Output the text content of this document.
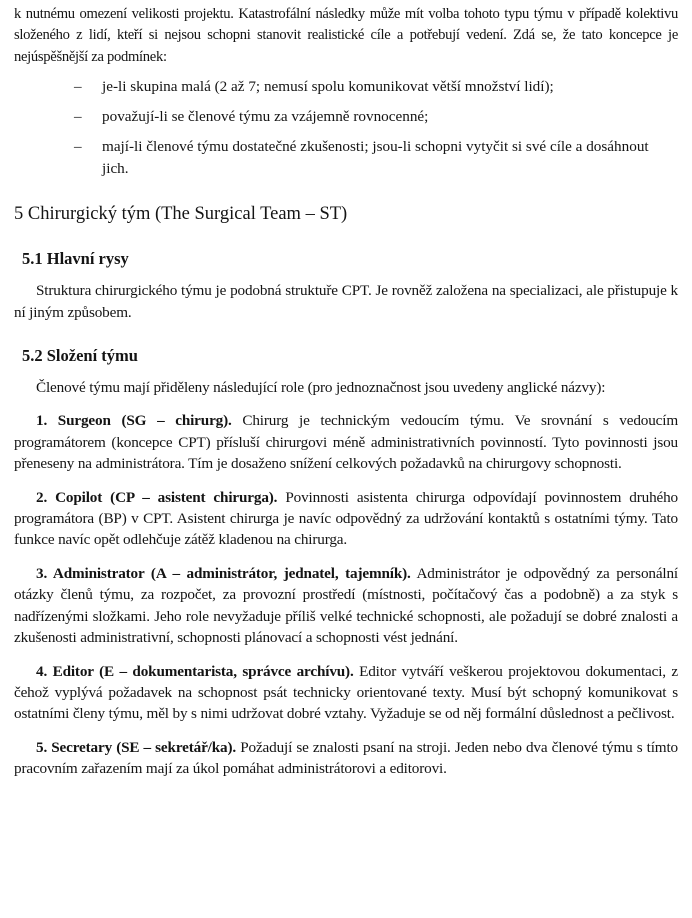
k nutnému omezení velikosti projektu. Katastrofální následky může mít volba tohoto typu týmu v případě kolektivu složeného z lidí, kteří si nejsou schopni stanovit realistické cíle a potřebují vedení. Zdá se, že tato koncepce je nejúspěšnější za podmínek:

– je-li skupina malá (2 až 7; nemusí spolu komunikovat větší množství lidí);
– považují-li se členové týmu za vzájemně rovnocenné;
– mají-li členové týmu dostatečné zkušenosti; jsou-li schopni vytyčit si své cíle a dosáhnout jich.
5 Chirurgický tým (The Surgical Team – ST)
5.1 Hlavní rysy

Struktura chirurgického týmu je podobná struktuře CPT. Je rovněž založena na specializaci, ale přistupuje k ní jiným způsobem.

5.2 Složení týmu

Členové týmu mají přiděleny následující role (pro jednoznačnost jsou uvedeny anglické názvy):

1. Surgeon (SG – chirurg). Chirurg je technickým vedoucím týmu. Ve srovnání s vedoucím programátorem (koncepce CPT) přísluší chirurgovi méně administrativních povinností. Tyto povinnosti jsou přeneseny na administrátora. Tím je dosaženo snížení celkových požadavků na chirurgovy schopnosti.

2. Copilot (CP – asistent chirurga). Povinnosti asistenta chirurga odpovídají povinnostem druhého programátora (BP) v CPT. Asistent chirurga je navíc odpovědný za udržování kontaktů s ostatními týmy. Tato funkce navíc opět odlehčuje zátěž kladenou na chirurga.

3. Administrator (A – administrátor, jednatel, tajemník). Administrátor je odpovědný za personální otázky členů týmu, za rozpočet, za provozní prostředí (místnosti, počítačový čas a podobně) a za styk s nadřízenými složkami. Jeho role nevyžaduje příliš velké technické schopnosti, ale požadují se dobré znalosti a zkušenosti administrativní, schopnosti plánovací a schopnosti vést jednání.

4. Editor (E – dokumentarista, správce archívu). Editor vytváří veškerou projektovou dokumentaci, z čehož vyplývá požadavek na schopnost psát technicky orientované texty. Musí být schopný komunikovat s ostatními členy týmu, měl by s nimi udržovat dobré vztahy. Vyžaduje se od něj formální důslednost a pečlivost.

5. Secretary (SE – sekretář/ka). Požadují se znalosti psaní na stroji. Jeden nebo dva členové týmu s tímto pracovním zařazením mají za úkol pomáhat administrátorovi a editorovi.
